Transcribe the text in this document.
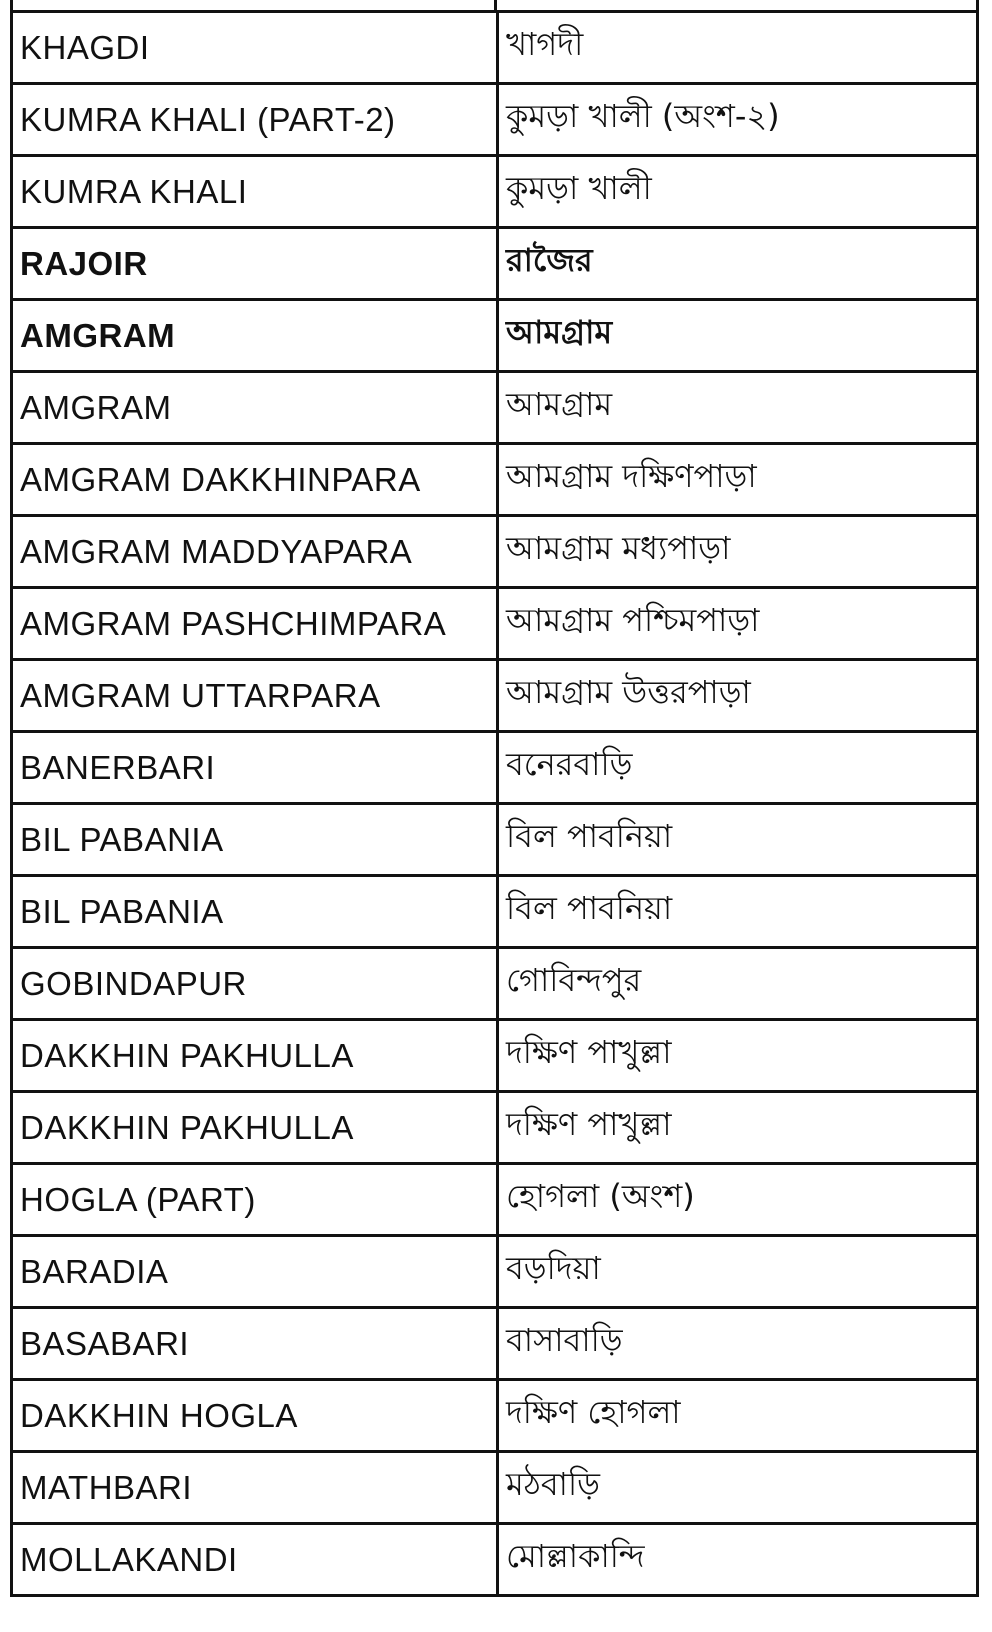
KHAGDI	খাগদী
KUMRA KHALI (PART-2)	কুমড়া খালী (অংশ-২)
KUMRA KHALI	কুমড়া খালী
RAJOIR	রাজৈর
AMGRAM	আমগ্রাম
AMGRAM	আমগ্রাম
AMGRAM DAKKHINPARA	আমগ্রাম দক্ষিণপাড়া
AMGRAM MADDYAPARA	আমগ্রাম মধ্যপাড়া
AMGRAM PASHCHIMPARA	আমগ্রাম পশ্চিমপাড়া
AMGRAM UTTARPARA	আমগ্রাম উত্তরপাড়া
BANERBARI	বনেরবাড়ি
BIL PABANIA	বিল পাবনিয়া
BIL PABANIA	বিল পাবনিয়া
GOBINDAPUR	গোবিন্দপুর
DAKKHIN PAKHULLA	দক্ষিণ পাখুল্লা
DAKKHIN PAKHULLA	দক্ষিণ পাখুল্লা
HOGLA (PART)	হোগলা (অংশ)
BARADIA	বড়দিয়া
BASABARI	বাসাবাড়ি
DAKKHIN HOGLA	দক্ষিণ হোগলা
MATHBARI	মঠবাড়ি
MOLLAKANDI	মোল্লাকান্দি
